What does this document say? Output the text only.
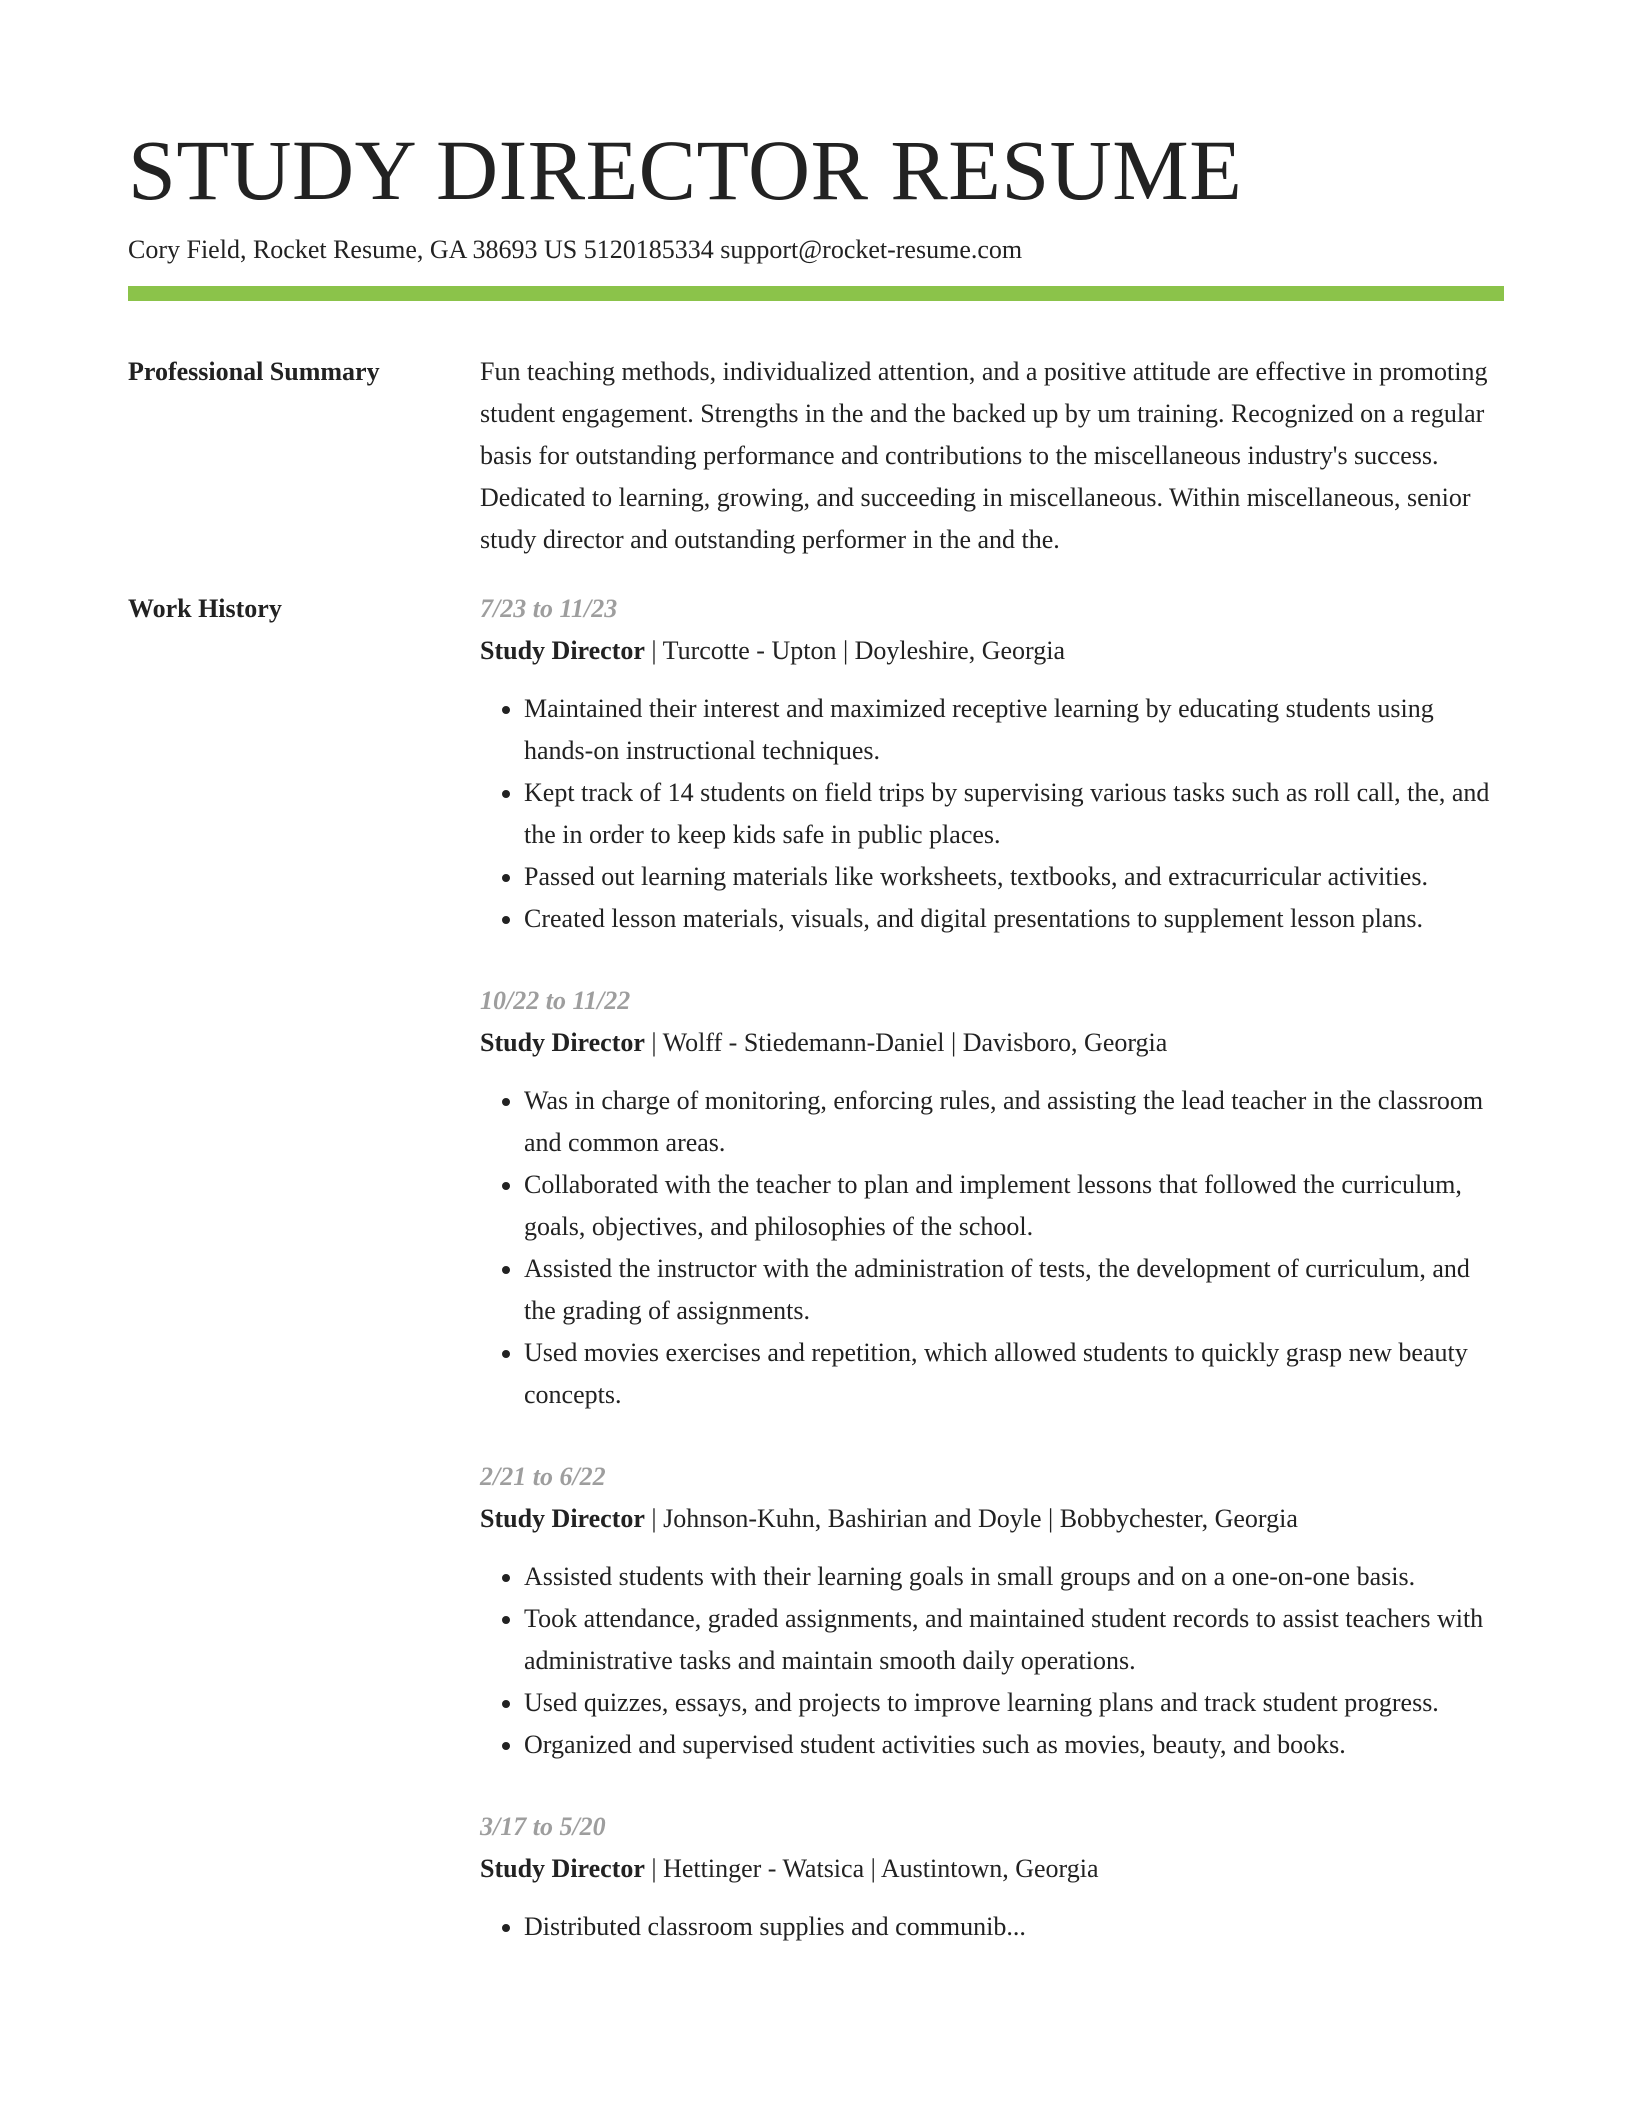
STUDY DIRECTOR RESUME
Cory Field, Rocket Resume, GA 38693 US 5120185334 support@rocket-resume.com
Professional Summary	Fun teaching methods, individualized attention, and a positive attitude are effective in promoting student engagement. Strengths in the and the backed up by um training. Recognized on a regular basis for outstanding performance and contributions to the miscellaneous industry's success. Dedicated to learning, growing, and succeeding in miscellaneous. Within miscellaneous, senior study director and outstanding performer in the and the.
Work History	7/23 to 11/23
Study Director | Turcotte - Upton | Doyleshire, Georgia
• Maintained their interest and maximized receptive learning by educating students using hands-on instructional techniques.
• Kept track of 14 students on field trips by supervising various tasks such as roll call, the, and the in order to keep kids safe in public places.
• Passed out learning materials like worksheets, textbooks, and extracurricular activities.
• Created lesson materials, visuals, and digital presentations to supplement lesson plans.
10/22 to 11/22
Study Director | Wolff - Stiedemann-Daniel | Davisboro, Georgia
• Was in charge of monitoring, enforcing rules, and assisting the lead teacher in the classroom and common areas.
• Collaborated with the teacher to plan and implement lessons that followed the curriculum, goals, objectives, and philosophies of the school.
• Assisted the instructor with the administration of tests, the development of curriculum, and the grading of assignments.
• Used movies exercises and repetition, which allowed students to quickly grasp new beauty concepts.
2/21 to 6/22
Study Director | Johnson-Kuhn, Bashirian and Doyle | Bobbychester, Georgia
• Assisted students with their learning goals in small groups and on a one-on-one basis.
• Took attendance, graded assignments, and maintained student records to assist teachers with administrative tasks and maintain smooth daily operations.
• Used quizzes, essays, and projects to improve learning plans and track student progress.
• Organized and supervised student activities such as movies, beauty, and books.
3/17 to 5/20
Study Director | Hettinger - Watsica | Austintown, Georgia
• Distributed classroom supplies and communib...
